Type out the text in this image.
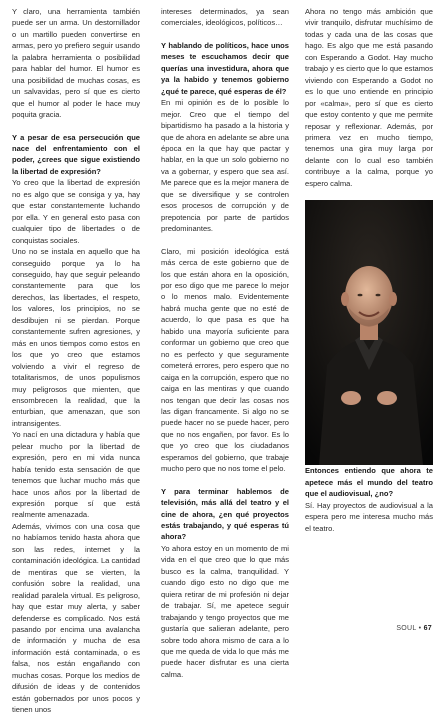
Y claro, una herramienta también puede ser un arma. Un destornillador o un martillo pueden convertirse en armas, pero yo prefiero seguir usando la palabra herramienta o posibilidad para hablar del humor. El humor es una posibilidad de muchas cosas, es un salvavidas, pero sí que es cierto que el humor al poder le hace muy poquita gracia.

Y a pesar de esa persecución que nace del enfrentamiento con el poder, ¿crees que sigue existiendo la libertad de expresión?

Yo creo que la libertad de expresión no es algo que se consiga y ya, hay que estar constantemente luchando por ella. Y en general esto pasa con cualquier tipo de libertades o de conquistas sociales.

Uno no se instala en aquello que ha conseguido porque ya lo ha conseguido, hay que seguir peleando constantemente para que los derechos, las libertades, el respeto, los valores, los principios, no se desdibujen ni se pierdan. Porque constantemente sufren agresiones, y más en unos tiempos como estos en los que yo creo que estamos volviendo a vivir el regreso de totalitarismos, de unos populismos muy peligrosos que mienten, que ensombrecen la realidad, que la enturbian, que amenazan, que son intransigentes.

Yo nací en una dictadura y había que pelear mucho por la libertad de expresión, pero en mi vida nunca había tenido esta sensación de que tenemos que luchar mucho más que hace unos años por la libertad de expresión porque sí que está realmente amenazada.

Además, vivimos con una cosa que no habíamos tenido hasta ahora que son las redes, internet y la contaminación ideológica. La cantidad de mentiras que se vierten, la confusión sobre la realidad, una realidad paralela virtual. Es peligroso, hay que estar muy alerta, y saber defenderse es complicado. Nos está pasando por encima una avalancha de información y mucha de esa información está contaminada, o es falsa, nos están engañando con muchas cosas. Porque los medios de difusión de ideas y de contenidos están gobernados por unos pocos y tienen unos

intereses determinados, ya sean comerciales, ideológicos, políticos…

Y hablando de políticos, hace unos meses te escuchamos decir que querías una investidura, ahora que ya la habido y tenemos gobierno ¿qué te parece, qué esperas de él?

En mi opinión es de lo posible lo mejor. Creo que el tiempo del bipartidismo ha pasado a la historia y que de ahora en adelante se abre una época en la que hay que pactar y hablar, en la que un solo gobierno no va a gobernar, y espero que sea así. Me parece que es la mejor manera de que se diversifique y se controlen esos procesos de corrupción y de prepotencia por parte de partidos predominantes.

Claro, mi posición ideológica está más cerca de este gobierno que de los que están ahora en la oposición, por eso digo que me parece lo mejor o lo menos malo. Evidentemente habrá mucha gente que no esté de acuerdo, lo que pasa es que ha habido una mayoría suficiente para conformar un gobierno que creo que no es perfecto y que seguramente cometerá errores, pero espero que no caiga en la corrupción, espero que no caiga en las mentiras y que cuando nos tengan que decir las cosas nos las digan francamente. Si algo no se puede hacer no se puede hacer, pero que no nos engañen, por favor. Es lo que yo creo que los ciudadanos esperamos del gobierno, que trabaje mucho pero que no nos tome el pelo.

Y para terminar hablemos de televisión, más allá del teatro y el cine de ahora, ¿en qué proyectos estás trabajando, y qué esperas tú ahora?

Yo ahora estoy en un momento de mi vida en el que creo que lo que más busco es la calma, tranquilidad. Y cuando digo esto no digo que me quiera retirar de mi profesión ni dejar de trabajar. Sí, me apetece seguir trabajando y tengo proyectos que me gustaría que salieran adelante, pero sobre todo ahora mismo de cara a lo que me queda de vida lo que más me puede hacer disfrutar es una cierta calma.

Ahora no tengo más ambición que vivir tranquilo, disfrutar muchísimo de todas y cada una de las cosas que hago. Es algo que me está pasando con Esperando a Godot. Hay mucho trabajo y es cierto que lo que estamos viviendo con Esperando a Godot no es lo que uno entiende en principio por «calma», pero sí que es cierto que estoy contento y que me permite reposar y reflexionar. Además, por primera vez en mucho tiempo, tenemos una gira muy larga por delante con lo cual eso también contribuye a la calma, porque yo espero calma.

Entonces entiendo que ahora te apetece más el mundo del teatro que el audiovisual, ¿no?

Sí. Hay proyectos de audiovisual a la espera pero me interesa mucho más el teatro.

SOUL • 67
